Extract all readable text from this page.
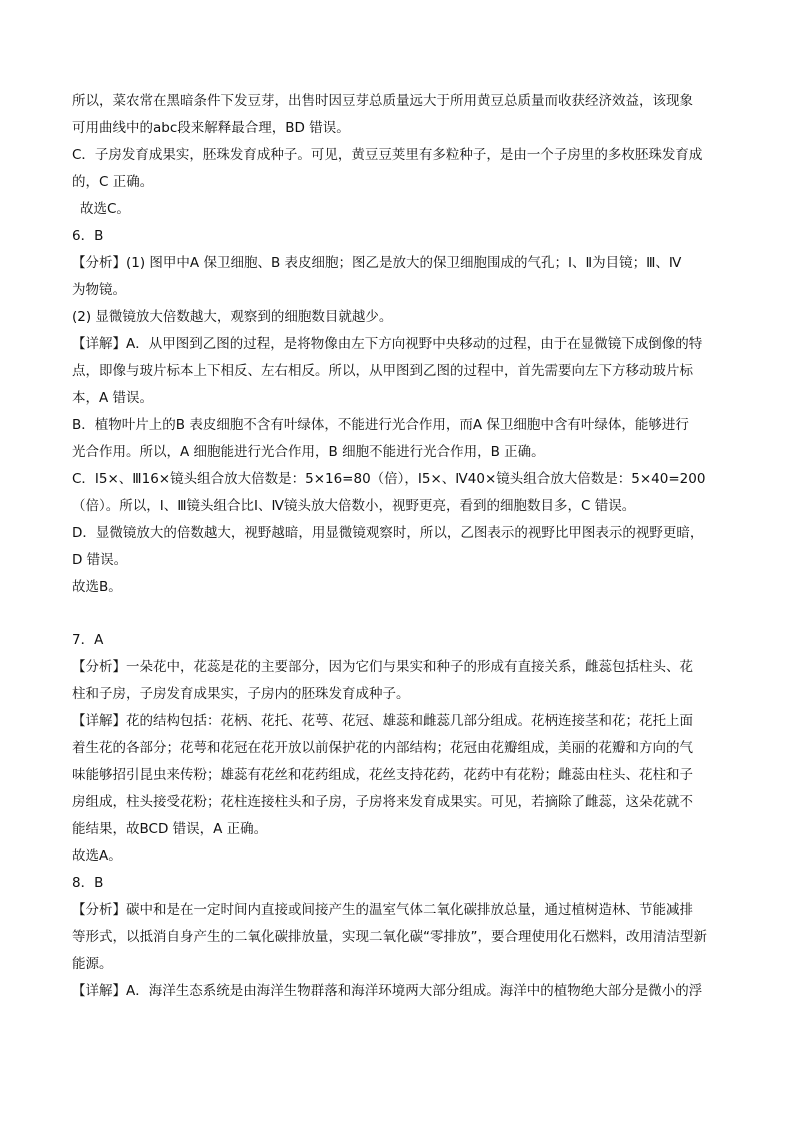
所以，菜农常在黑暗条件下发豆芽，出售时因豆芽总质量远大于所用黄豆总质量而收获经济效益，该现象
可用曲线中的abc段来解释最合理，BD 错误。
C．子房发育成果实，胚珠发育成种子。可见，黄豆豆荚里有多粒种子，是由一个子房里的多枚胚珠发育成
的，C 正确。
故选C。
6．B
【分析】(1) 图甲中A 保卫细胞、B 表皮细胞；图乙是放大的保卫细胞围成的气孔；Ⅰ、Ⅱ为目镜；Ⅲ、Ⅳ
为物镜。
(2) 显微镜放大倍数越大，观察到的细胞数目就越少。
【详解】A．从甲图到乙图的过程，是将物像由左下方向视野中央移动的过程，由于在显微镜下成倒像的特
点，即像与玻片标本上下相反、左右相反。所以，从甲图到乙图的过程中，首先需要向左下方移动玻片标
本，A 错误。
B．植物叶片上的B 表皮细胞不含有叶绿体，不能进行光合作用，而A 保卫细胞中含有叶绿体，能够进行
光合作用。所以，A 细胞能进行光合作用，B 细胞不能进行光合作用，B 正确。
C．Ⅰ5×、Ⅲ16×镜头组合放大倍数是：5×16=80（倍），Ⅰ5×、Ⅳ40×镜头组合放大倍数是：5×40=200
（倍）。所以，Ⅰ、Ⅲ镜头组合比Ⅰ、Ⅳ镜头放大倍数小，视野更亮，看到的细胞数目多，C 错误。
D．显微镜放大的倍数越大，视野越暗，用显微镜观察时，所以，乙图表示的视野比甲图表示的视野更暗，
D 错误。
故选B。
7．A
【分析】一朵花中，花蕊是花的主要部分，因为它们与果实和种子的形成有直接关系，雌蕊包括柱头、花
柱和子房，子房发育成果实，子房内的胚珠发育成种子。
【详解】花的结构包括：花柄、花托、花萼、花冠、雄蕊和雌蕊几部分组成。花柄连接茎和花；花托上面
着生花的各部分；花萼和花冠在花开放以前保护花的内部结构；花冠由花瓣组成，美丽的花瓣和方向的气
味能够招引昆虫来传粉；雄蕊有花丝和花药组成，花丝支持花药，花药中有花粉；雌蕊由柱头、花柱和子
房组成，柱头接受花粉；花柱连接柱头和子房，子房将来发育成果实。可见，若摘除了雌蕊，这朵花就不
能结果，故BCD 错误，A 正确。
故选A。
8．B
【分析】碳中和是在一定时间内直接或间接产生的温室气体二氧化碳排放总量，通过植树造林、节能减排
等形式，以抵消自身产生的二氧化碳排放量，实现二氧化碳“零排放”，要合理使用化石燃料，改用清洁型新
能源。
【详解】A．海洋生态系统是由海洋生物群落和海洋环境两大部分组成。海洋中的植物绝大部分是微小的浮
